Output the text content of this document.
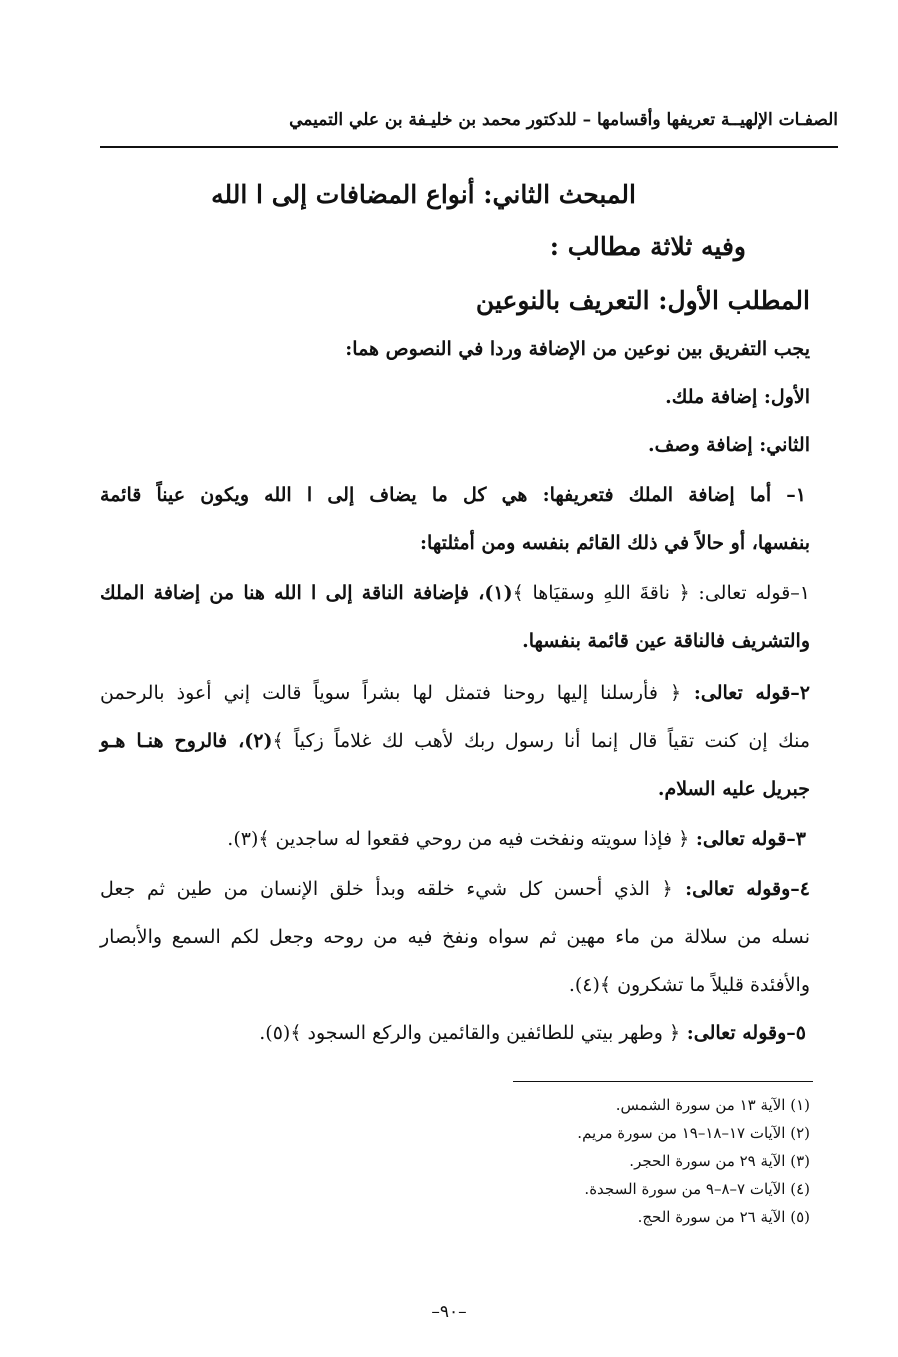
الصفـات الإلهيــة تعريفها وأقسامها – للدكتور محمد بن خليـفة بن علي التميمي
المبحث الثاني: أنواع المضافات إلى ا الله
وفيه ثلاثة مطالب :
المطلب الأول: التعريف بالنوعين
يجب التفريق بين نوعين من الإضافة وردا في النصوص هما:
الأول: إضافة ملك.
الثاني: إضافة وصف.
١– أما إضافة الملك فتعريفها: هي كل ما يضاف إلى ا الله ويكون عيناً قائمة
بنفسها، أو حالاً في ذلك القائم بنفسه ومن أمثلتها:
١–قوله تعالى: ﴿ ناقةَ اللهِ وسقيَاها ﴾(١)، فإضافة الناقة إلى ا الله هنا من إضافة الملك
والتشريف فالناقة عين قائمة بنفسها.
٢–قوله تعالى: ﴿ فأرسلنا إليها روحنا فتمثل لها بشراً سوياً قالت إني أعوذ بالرحمن
منك إن كنت تقياً قال إنما أنا رسول ربك لأهب لك غلاماً زكياً ﴾(٢)، فالروح هنـا هـو
جبريل عليه السلام.
٣–قوله تعالى: ﴿ فإذا سويته ونفخت فيه من روحي فقعوا له ساجدين ﴾(٣).
٤–وقوله تعالى: ﴿ الذي أحسن كل شيء خلقه وبدأ خلق الإنسان من طين ثم جعل
نسله من سلالة من ماء مهين ثم سواه ونفخ فيه من روحه وجعل لكم السمع والأبصار
والأفئدة قليلاً ما تشكرون ﴾(٤).
٥–وقوله تعالى: ﴿ وطهر بيتي للطائفين والقائمين والركع السجود ﴾(٥).
(١) الآية ١٣ من سورة الشمس.
(٢) الآيات ١٧–١٨–١٩ من سورة مريم.
(٣) الآية ٢٩ من سورة الحجر.
(٤) الآيات ٧–٨–٩ من سورة السجدة.
(٥) الآية ٢٦ من سورة الحج.
–٩٠–
